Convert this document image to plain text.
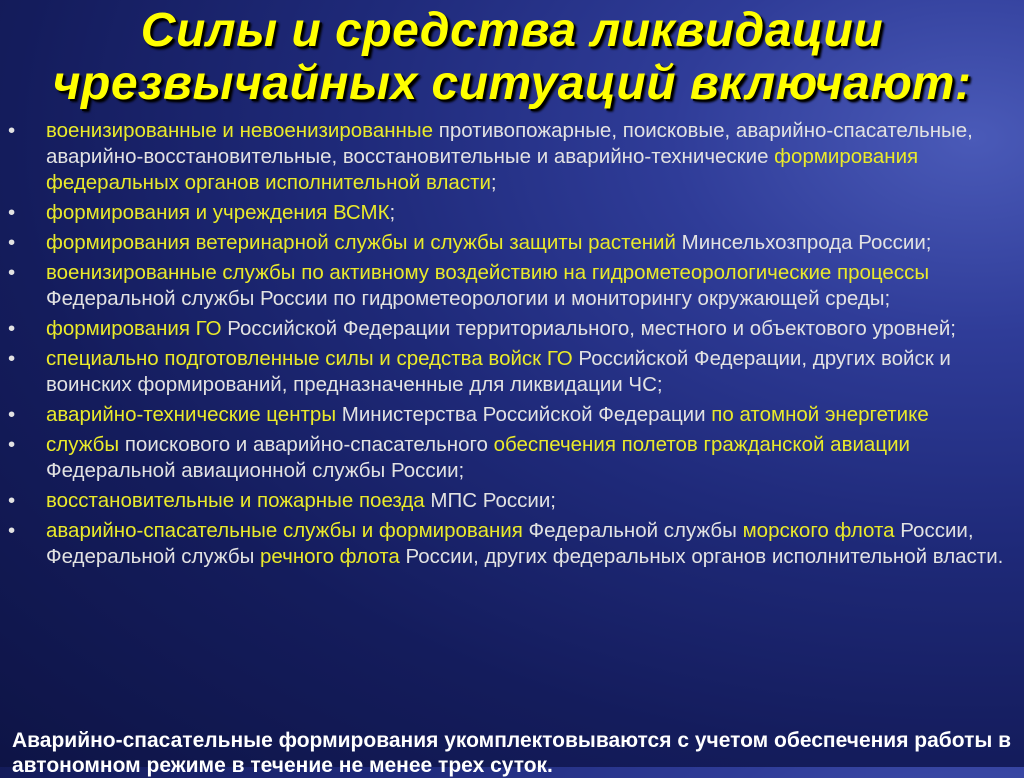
Силы и средства ликвидации
чрезвычайных ситуаций включают:
• военизированные и невоенизированные противопожарные, поисковые, аварийно-спасательные, аварийно-восстановительные, восстановительные и аварийно-технические формирования федеральных органов исполнительной власти;
• формирования и учреждения ВСМК;
• формирования ветеринарной службы и службы защиты растений Минсельхозпрода России;
• военизированные службы по активному воздействию на гидрометеорологические процессы Федеральной службы России по гидрометеорологии и мониторингу окружающей среды;
• формирования ГО Российской Федерации территориального, местного и объектового уровней;
• специально подготовленные силы и средства войск ГО Российской Федерации, других войск и воинских формирований, предназначенные для ликвидации ЧС;
• аварийно-технические центры Министерства Российской Федерации по атомной энергетике
• службы поискового и аварийно-спасательного обеспечения полетов гражданской авиации Федеральной авиационной службы России;
• восстановительные и пожарные поезда МПС России;
• аварийно-спасательные службы и формирования Федеральной службы морского флота России, Федеральной службы речного флота России, других федеральных органов исполнительной власти.

Аварийно-спасательные формирования укомплектовываются с учетом обеспечения работы в автономном режиме в течение не менее трех суток.
